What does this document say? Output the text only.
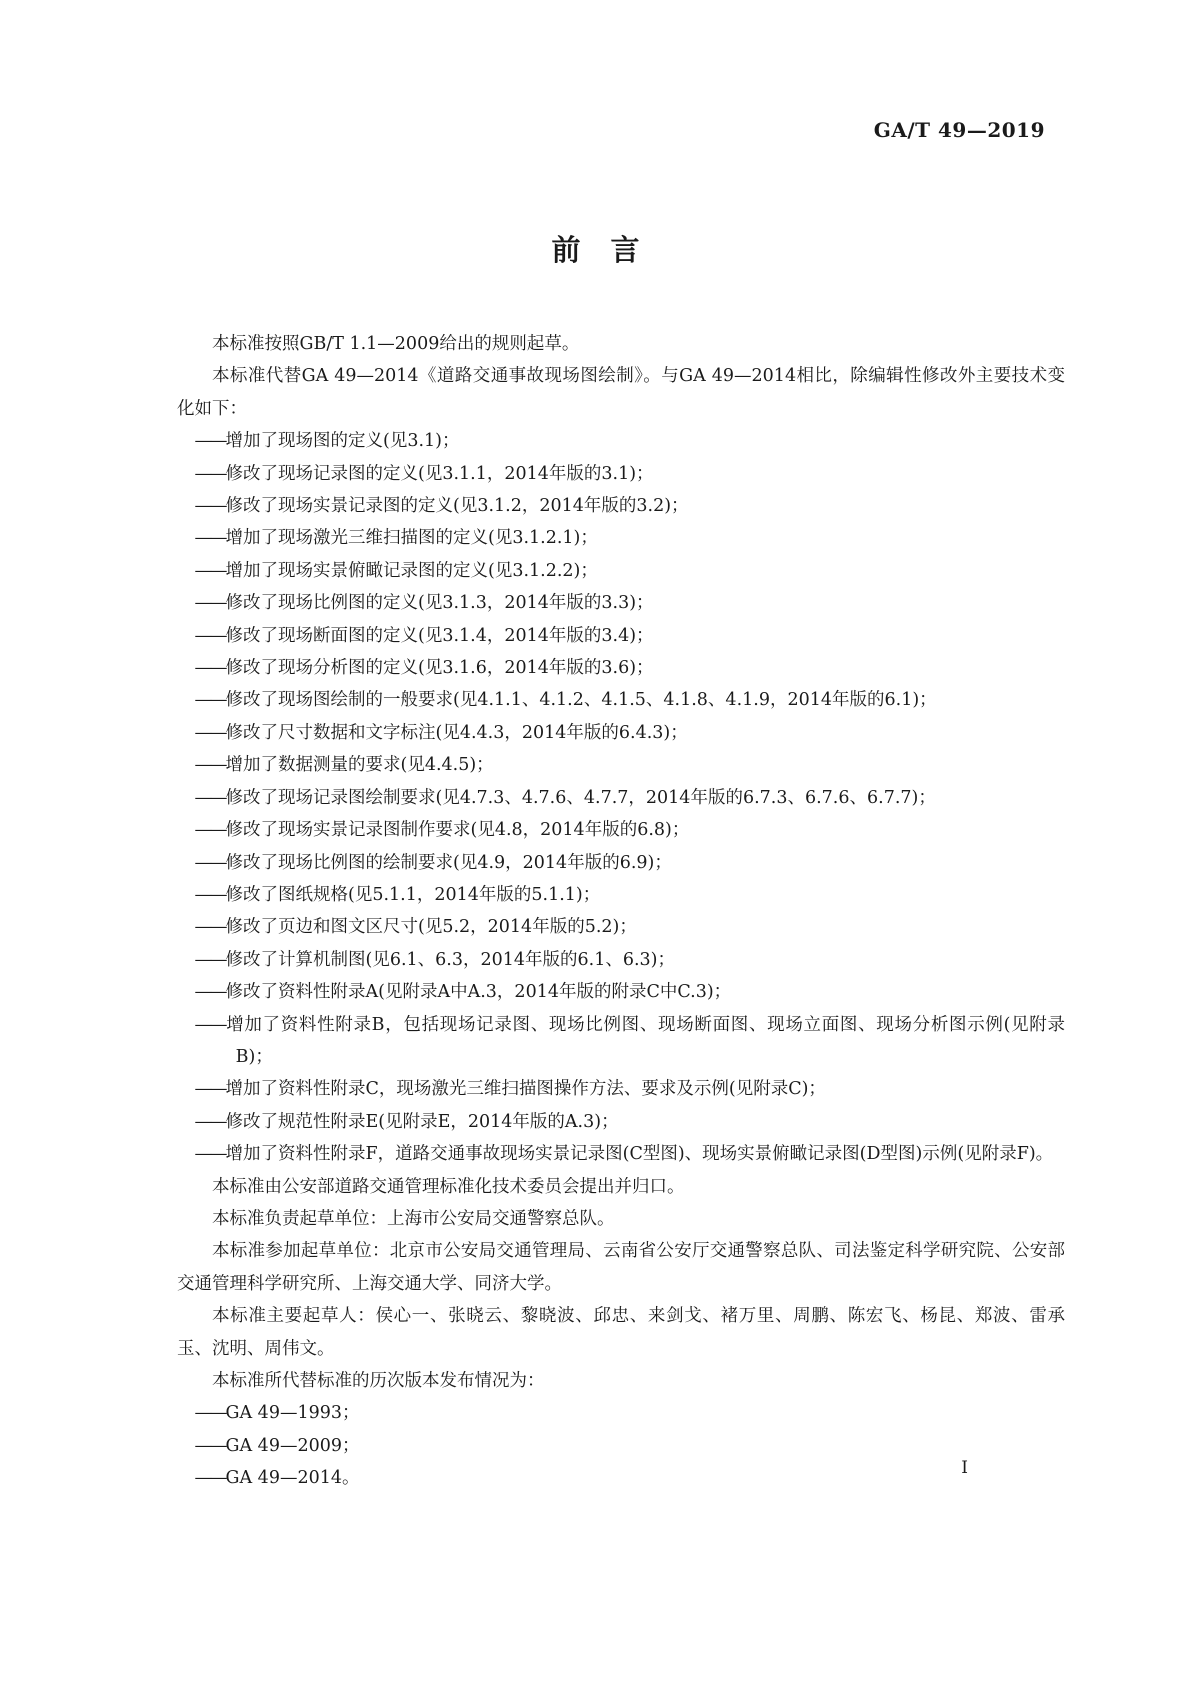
GA/T 49—2019
前言

本标准按照GB/T 1.1—2009给出的规则起草。

本标准代替GA 49—2014《道路交通事故现场图绘制》。与GA 49—2014相比，除编辑性修改外主要技术变化如下：

——增加了现场图的定义(见3.1)；
——修改了现场记录图的定义(见3.1.1，2014年版的3.1)；
——修改了现场实景记录图的定义(见3.1.2，2014年版的3.2)；
——增加了现场激光三维扫描图的定义(见3.1.2.1)；
——增加了现场实景俯瞰记录图的定义(见3.1.2.2)；
——修改了现场比例图的定义(见3.1.3，2014年版的3.3)；
——修改了现场断面图的定义(见3.1.4，2014年版的3.4)；
——修改了现场分析图的定义(见3.1.6，2014年版的3.6)；
——修改了现场图绘制的一般要求(见4.1.1、4.1.2、4.1.5、4.1.8、4.1.9，2014年版的6.1)；
——修改了尺寸数据和文字标注(见4.4.3，2014年版的6.4.3)；
——增加了数据测量的要求(见4.4.5)；
——修改了现场记录图绘制要求(见4.7.3、4.7.6、4.7.7，2014年版的6.7.3、6.7.6、6.7.7)；
——修改了现场实景记录图制作要求(见4.8，2014年版的6.8)；
——修改了现场比例图的绘制要求(见4.9，2014年版的6.9)；
——修改了图纸规格(见5.1.1，2014年版的5.1.1)；
——修改了页边和图文区尺寸(见5.2，2014年版的5.2)；
——修改了计算机制图(见6.1、6.3，2014年版的6.1、6.3)；
——修改了资料性附录A(见附录A中A.3，2014年版的附录C中C.3)；
——增加了资料性附录B，包括现场记录图、现场比例图、现场断面图、现场立面图、现场分析图示例(见附录B)；
——增加了资料性附录C，现场激光三维扫描图操作方法、要求及示例(见附录C)；
——修改了规范性附录E(见附录E，2014年版的A.3)；
——增加了资料性附录F，道路交通事故现场实景记录图(C型图)、现场实景俯瞰记录图(D型图)示例(见附录F)。

本标准由公安部道路交通管理标准化技术委员会提出并归口。

本标准负责起草单位：上海市公安局交通警察总队。

本标准参加起草单位：北京市公安局交通管理局、云南省公安厅交通警察总队、司法鉴定科学研究院、公安部交通管理科学研究所、上海交通大学、同济大学。

本标准主要起草人：侯心一、张晓云、黎晓波、邱忠、来剑戈、褚万里、周鹏、陈宏飞、杨昆、郑波、雷承玉、沈明、周伟文。

本标准所代替标准的历次版本发布情况为：

——GA 49—1993；
——GA 49—2009；
——GA 49—2014。
I
